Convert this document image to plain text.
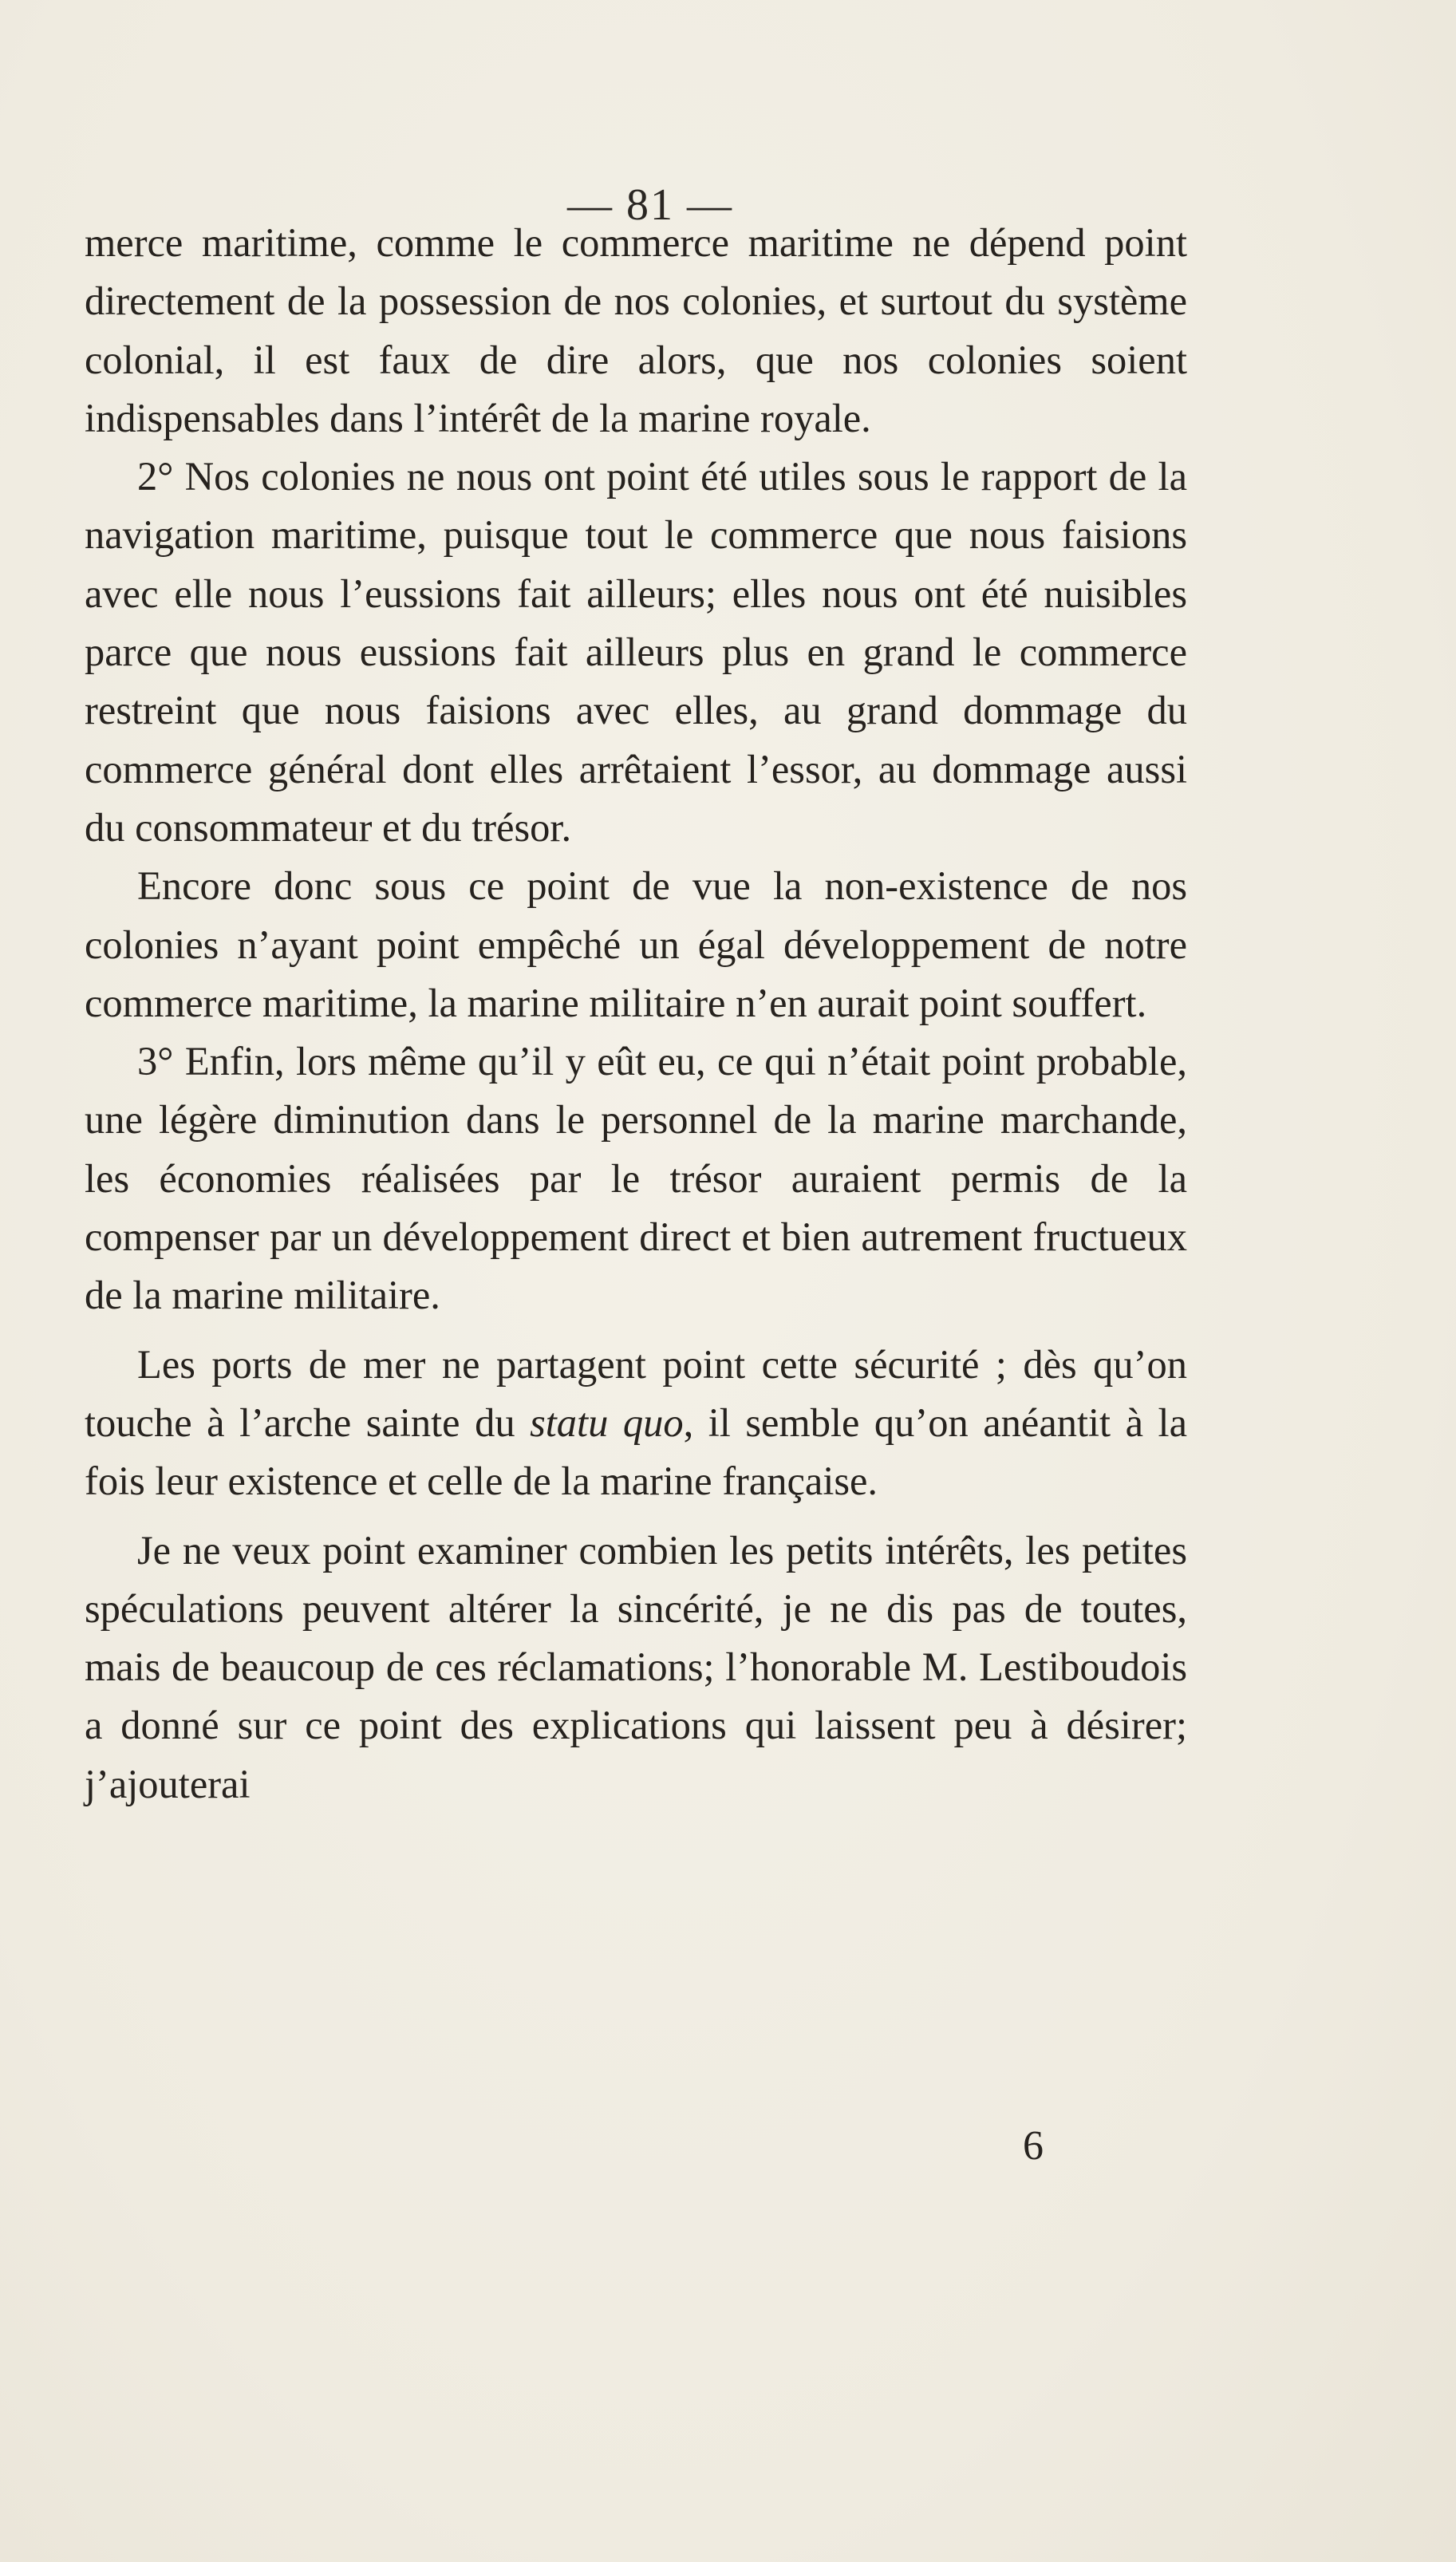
— 81 —

merce maritime, comme le commerce maritime ne dépend point directement de la possession de nos colonies, et surtout du système colonial, il est faux de dire alors, que nos colonies soient indispensables dans l’intérêt de la marine royale.

2° Nos colonies ne nous ont point été utiles sous le rapport de la navigation maritime, puisque tout le commerce que nous faisions avec elle nous l’eussions fait ailleurs; elles nous ont été nuisibles parce que nous eussions fait ailleurs plus en grand le commerce restreint que nous faisions avec elles, au grand dommage du commerce général dont elles arrêtaient l’essor, au dommage aussi du consommateur et du trésor.

Encore donc sous ce point de vue la non-existence de nos colonies n’ayant point empêché un égal développement de notre commerce maritime, la marine militaire n’en aurait point souffert.

3° Enfin, lors même qu’il y eût eu, ce qui n’était point probable, une légère diminution dans le personnel de la marine marchande, les économies réalisées par le trésor auraient permis de la compenser par un développement direct et bien autrement fructueux de la marine militaire.

Les ports de mer ne partagent point cette sécurité ; dès qu’on touche à l’arche sainte du statu quo, il semble qu’on anéantit à la fois leur existence et celle de la marine française.

Je ne veux point examiner combien les petits intérêts, les petites spéculations peuvent altérer la sincérité, je ne dis pas de toutes, mais de beaucoup de ces réclamations; l’honorable M. Lestiboudois a donné sur ce point des explications qui laissent peu à désirer; j’ajouterai

6
